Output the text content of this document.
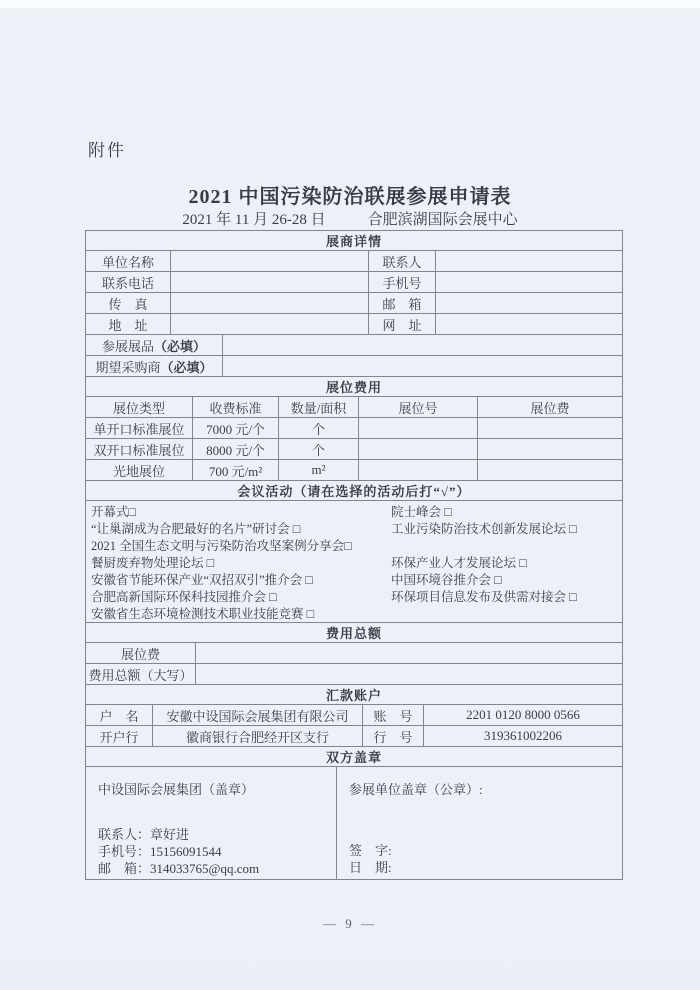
附件
2021 中国污染防治联展参展申请表
2021 年 11 月 26-28 日	合肥滨湖国际会展中心
展商详情
单位名称	联系人
联系电话	手机号
传　真	邮　箱
地　址	网　址
参展展品 （必填）
期望采购商 （必填）
展位费用
展位类型	收费标准	数量/面积	展位号	展位费
单开口标准展位	7000 元/个	个
双开口标准展位	8000 元/个	个
光地展位	700 元/m²	m²
会议活动（请在选择的活动后打“√”）
开幕式□	院士峰会 □
“让巢湖成为合肥最好的名片”研讨会 □	工业污染防治技术创新发展论坛 □
2021 全国生态文明与污染防治攻坚案例分享会□
餐厨废弃物处理论坛 □	环保产业人才发展论坛 □
安徽省节能环保产业“双招双引”推介会 □	中国环境谷推介会 □
合肥高新国际环保科技园推介会 □	环保项目信息发布及供需对接会 □
安徽省生态环境检测技术职业技能竞赛 □
费用总额
展位费
费用总额（大写）
汇款账户
户　名	安徽中设国际会展集团有限公司	账　号	2201 0120 8000 0566
开户行	徽商银行合肥经开区支行	行　号	319361002206
双方盖章
中设国际会展集团（盖章）
联系人：章好进
手机号：15156091544
邮　箱：314033765@qq.com
参展单位盖章（公章）:
签　字:
日　期:
— 9 —
